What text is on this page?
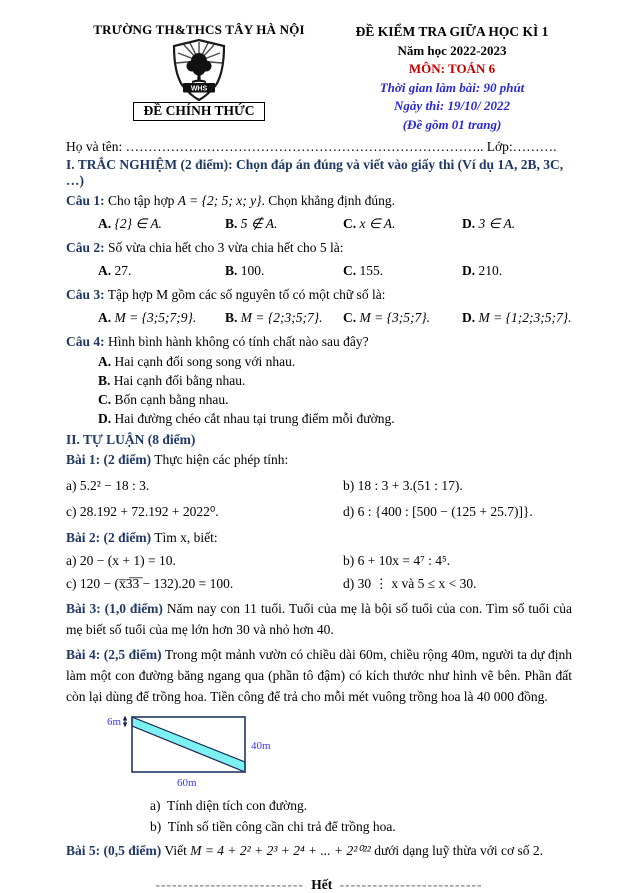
TRƯỜNG TH&THCS TÂY HÀ NỘI
WHS
ĐỀ CHÍNH THỨC
ĐỀ KIỂM TRA GIỮA HỌC KÌ 1
Năm học 2022-2023
MÔN: TOÁN 6
Thời gian làm bài: 90 phút
Ngày thi: 19/10/ 2022
(Đề gồm 01 trang)
Họ và tên: …………………………………………………………………….. Lớp:……….
I. TRẮC NGHIỆM (2 điểm): Chọn đáp án đúng và viết vào giấy thi (Ví dụ 1A, 2B, 3C, …)
Câu 1: Cho tập hợp A = {2; 5; x; y}. Chọn khẳng định đúng.
A. {2} ∈ A.	B. 5 ∉ A.	C. x ∈ A.	D. 3 ∈ A.
Câu 2: Số vừa chia hết cho 3 vừa chia hết cho 5 là:
A. 27.	B. 100.	C. 155.	D. 210.
Câu 3: Tập hợp M gồm các số nguyên tố có một chữ số là:
A. M = {3;5;7;9}.	B. M = {2;3;5;7}.	C. M = {3;5;7}.	D. M = {1;2;3;5;7}.
Câu 4: Hình bình hành không có tính chất nào sau đây?
A. Hai cạnh đối song song với nhau.
B. Hai cạnh đối bằng nhau.
C. Bốn cạnh bằng nhau.
D. Hai đường chéo cắt nhau tại trung điểm mỗi đường.
II. TỰ LUẬN (8 điểm)
Bài 1: (2 điểm) Thực hiện các phép tính:
a) 5.2² − 18 : 3.	b) 18 : 3 + 3.(51 : 17).
c) 28.192 + 72.192 + 2022⁰.	d) 6 : {400 : [500 − (125 + 25.7)]}.
Bài 2: (2 điểm) Tìm x, biết:
a) 20 − (x + 1) = 10.	b) 6 + 10x = 4⁷ : 4⁵.
c) 120 − (x̅3̅3̅ − 132).20 = 100.	d) 30 ⋮ x và 5 ≤ x < 30.
Bài 3: (1,0 điểm) Năm nay con 11 tuổi. Tuổi của mẹ là bội số tuổi của con. Tìm số tuổi của mẹ biết số tuổi của mẹ lớn hơn 30 và nhỏ hơn 40.
Bài 4: (2,5 điểm) Trong một mảnh vườn có chiều dài 60m, chiều rộng 40m, người ta dự định làm một con đường băng ngang qua (phần tô đậm) có kích thước như hình vẽ bên. Phần đất còn lại dùng để trồng hoa. Tiền công để trả cho mỗi mét vuông trồng hoa là 40 000 đồng.
6m
40m
60m
a) Tính diện tích con đường.
b) Tính số tiền công cần chi trả để trồng hoa.
Bài 5: (0,5 điểm) Viết M = 4 + 2² + 2³ + 2⁴ + ... + 2²⁰²² dưới dạng luỹ thừa với cơ số 2.
--------------------------- Hết --------------------------
